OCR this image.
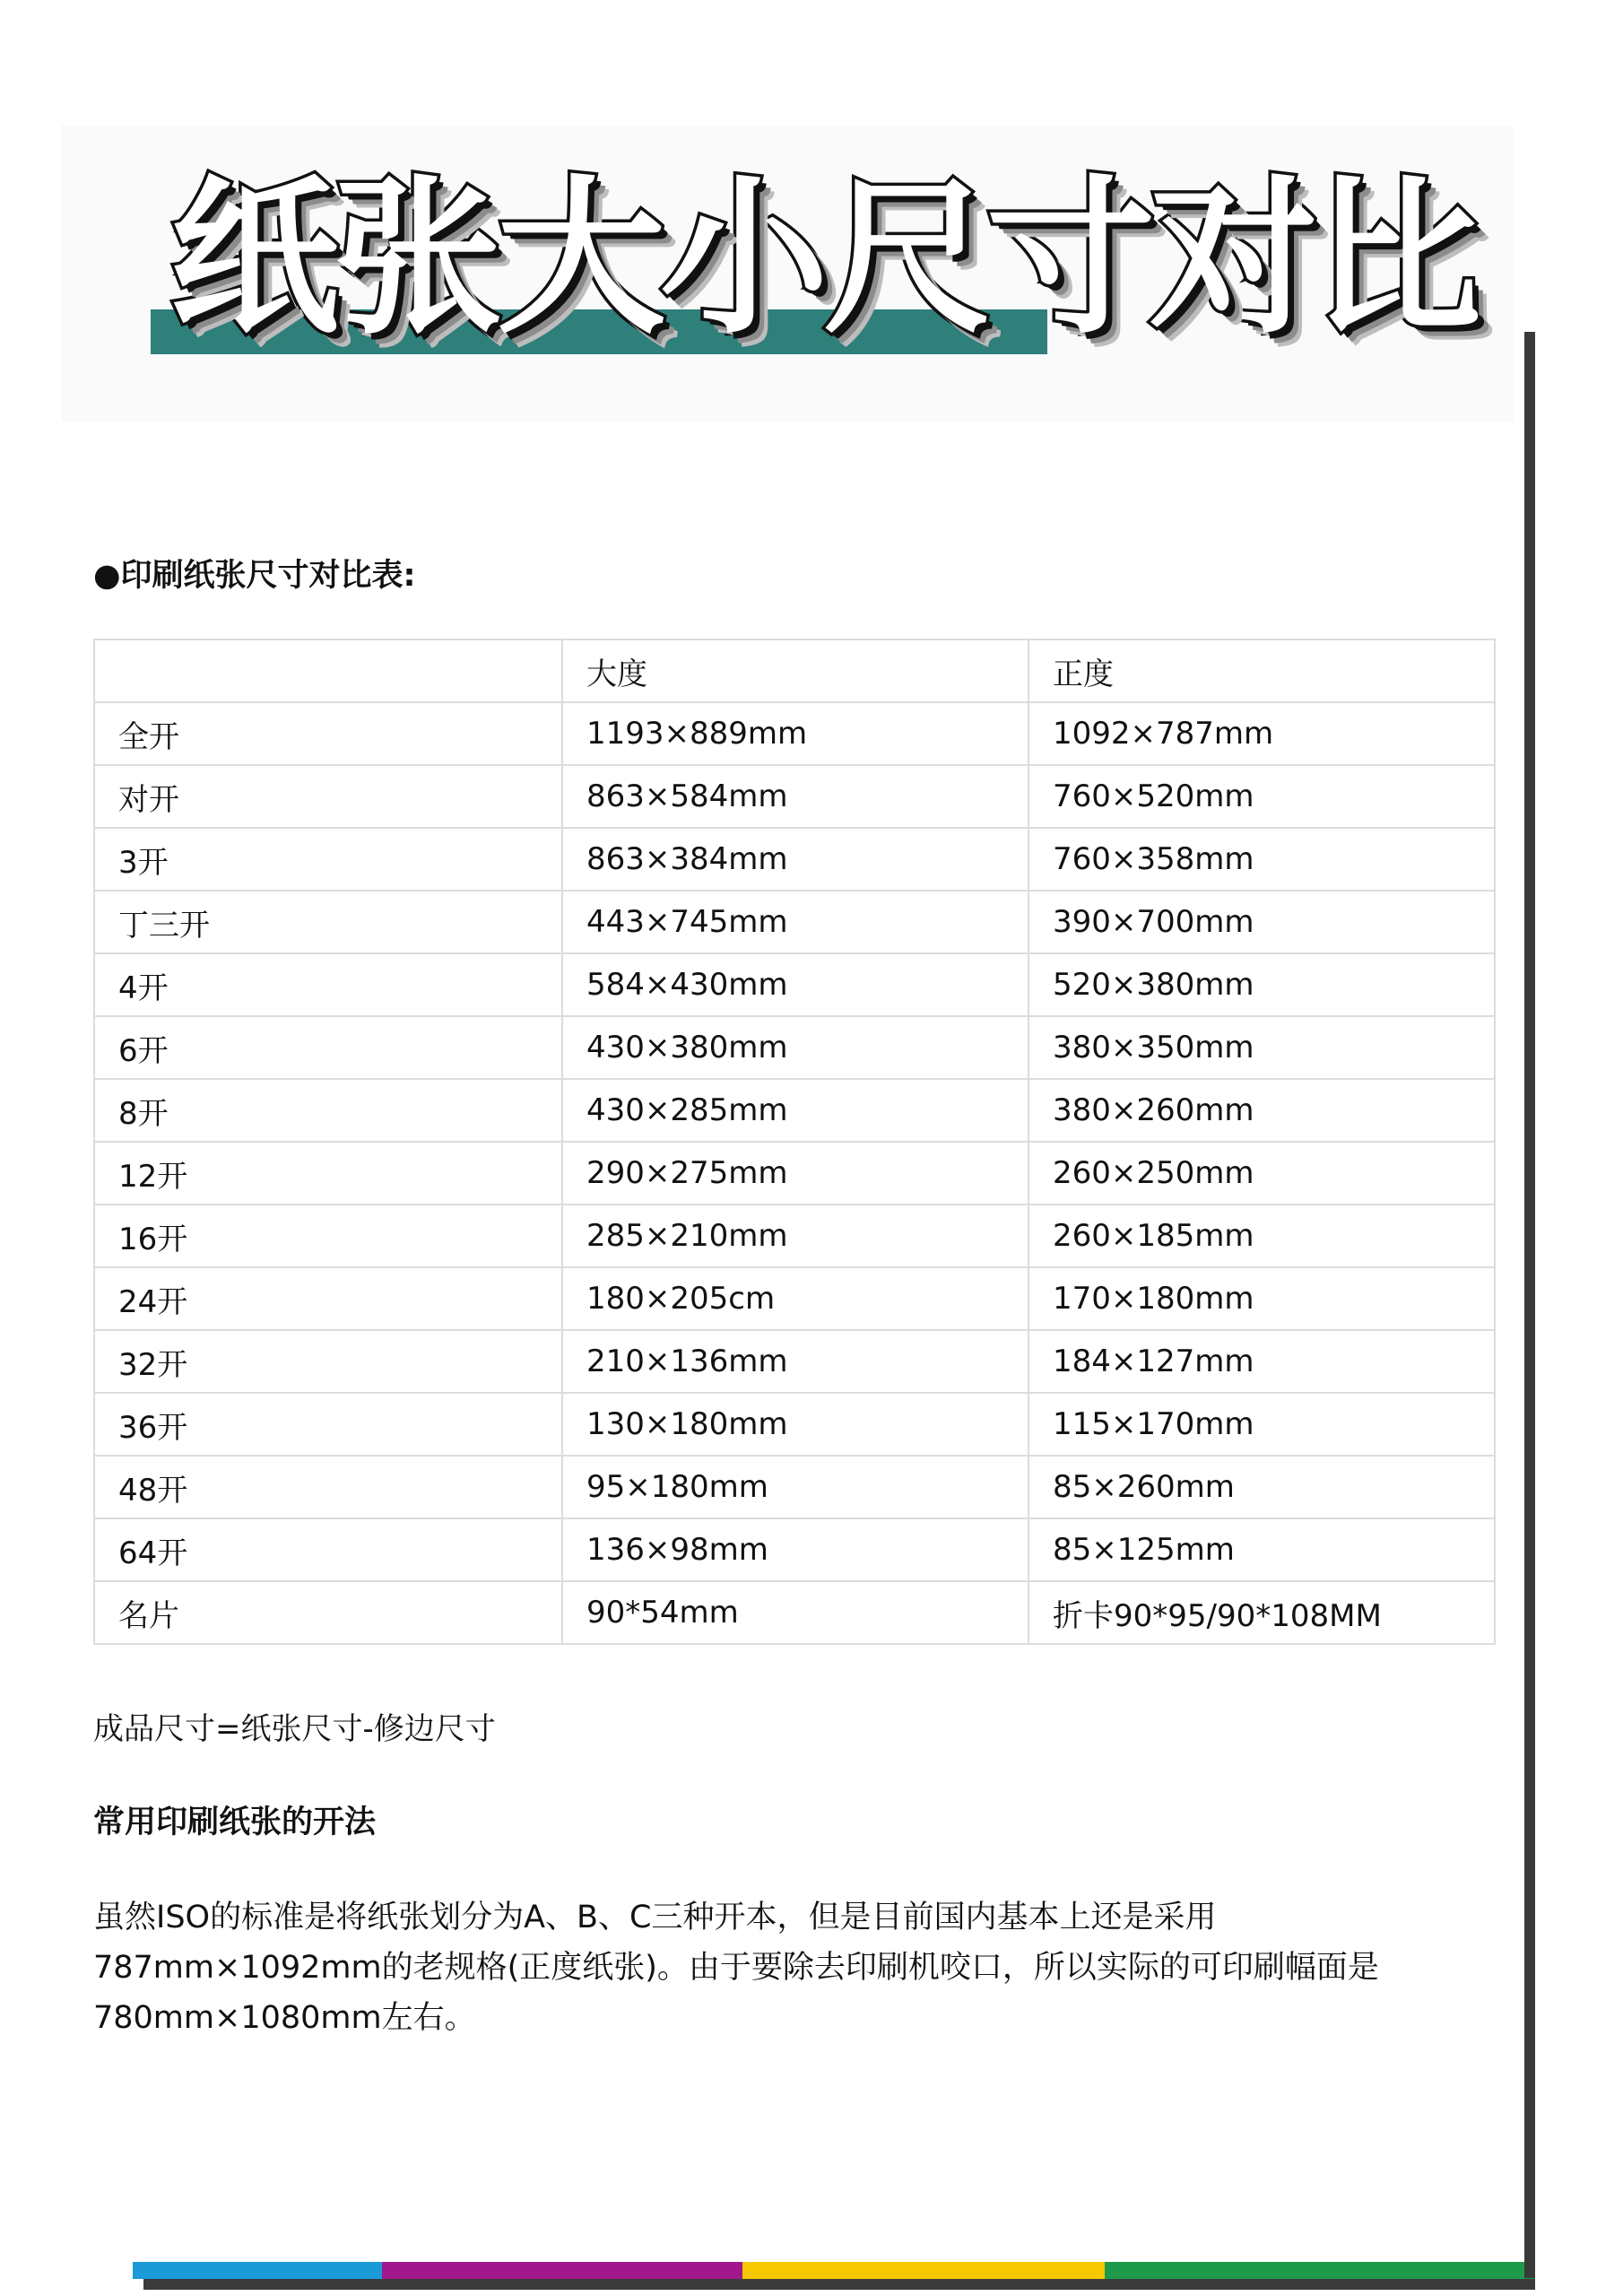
纸张大小尺寸对比
●印刷纸张尺寸对比表:
	大度	正度
全开	1193×889mm	1092×787mm
对开	863×584mm	760×520mm
3开	863×384mm	760×358mm
丁三开	443×745mm	390×700mm
4开	584×430mm	520×380mm
6开	430×380mm	380×350mm
8开	430×285mm	380×260mm
12开	290×275mm	260×250mm
16开	285×210mm	260×185mm
24开	180×205cm	170×180mm
32开	210×136mm	184×127mm
36开	130×180mm	115×170mm
48开	95×180mm	85×260mm
64开	136×98mm	85×125mm
名片	90*54mm	折卡90*95/90*108MM
成品尺寸=纸张尺寸-修边尺寸
常用印刷纸张的开法
虽然ISO的标准是将纸张划分为A、B、C三种开本，但是目前国内基本上还是采用
787mm×1092mm的老规格(正度纸张)。由于要除去印刷机咬口，所以实际的可印刷幅面是
780mm×1080mm左右。
